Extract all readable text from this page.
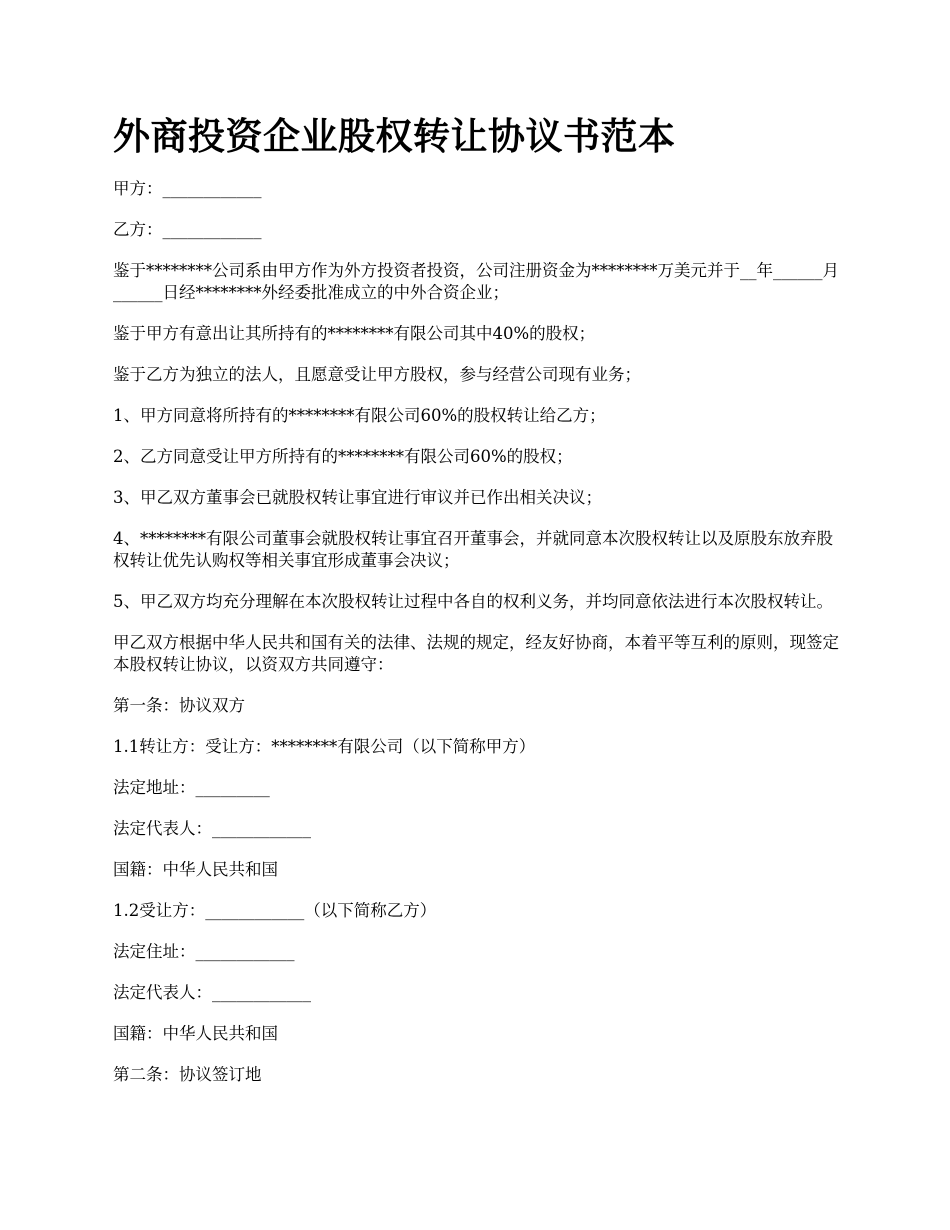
外商投资企业股权转让协议书范本

甲方：____________

乙方：____________

鉴于********公司系由甲方作为外方投资者投资，公司注册资金为********万美元并于__年______月______日经********外经委批准成立的中外合资企业；

鉴于甲方有意出让其所持有的********有限公司其中40%的股权；

鉴于乙方为独立的法人，且愿意受让甲方股权，参与经营公司现有业务；

1、甲方同意将所持有的********有限公司60%的股权转让给乙方；

2、乙方同意受让甲方所持有的********有限公司60%的股权；

3、甲乙双方董事会已就股权转让事宜进行审议并已作出相关决议；

4、********有限公司董事会就股权转让事宜召开董事会，并就同意本次股权转让以及原股东放弃股权转让优先认购权等相关事宜形成董事会决议；

5、甲乙双方均充分理解在本次股权转让过程中各自的权利义务，并均同意依法进行本次股权转让。

甲乙双方根据中华人民共和国有关的法律、法规的规定，经友好协商，本着平等互利的原则，现签定本股权转让协议，以资双方共同遵守：

第一条：协议双方

1.1转让方：受让方：********有限公司（以下简称甲方）

法定地址：_________

法定代表人：____________

国籍：中华人民共和国

1.2受让方：____________（以下简称乙方）

法定住址：____________

法定代表人：____________

国籍：中华人民共和国

第二条：协议签订地
